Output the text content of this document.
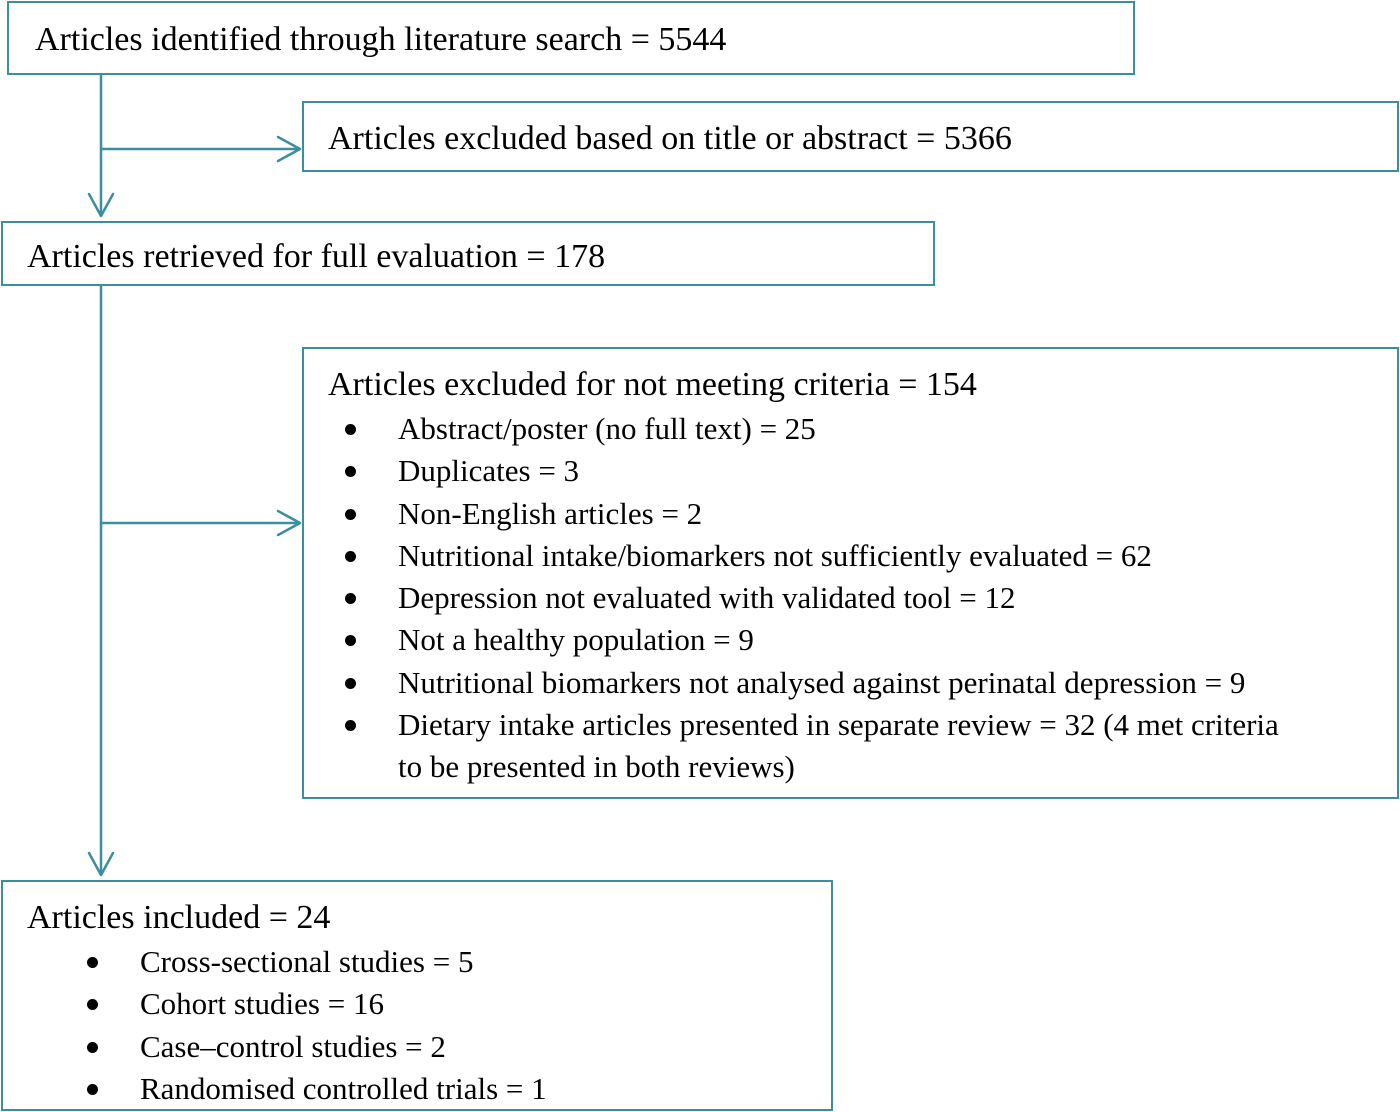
Articles identified through literature search = 5544
Articles excluded based on title or abstract = 5366
Articles retrieved for full evaluation = 178
Articles excluded for not meeting criteria = 154
Abstract/poster (no full text) = 25
Duplicates = 3
Non-English articles = 2
Nutritional intake/biomarkers not sufficiently evaluated = 62
Depression not evaluated with validated tool = 12
Not a healthy population = 9
Nutritional biomarkers not analysed against perinatal depression = 9
Dietary intake articles presented in separate review = 32 (4 met criteria to be presented in both reviews)
Articles included = 24
Cross-sectional studies = 5
Cohort studies = 16
Case–control studies = 2
Randomised controlled trials = 1
